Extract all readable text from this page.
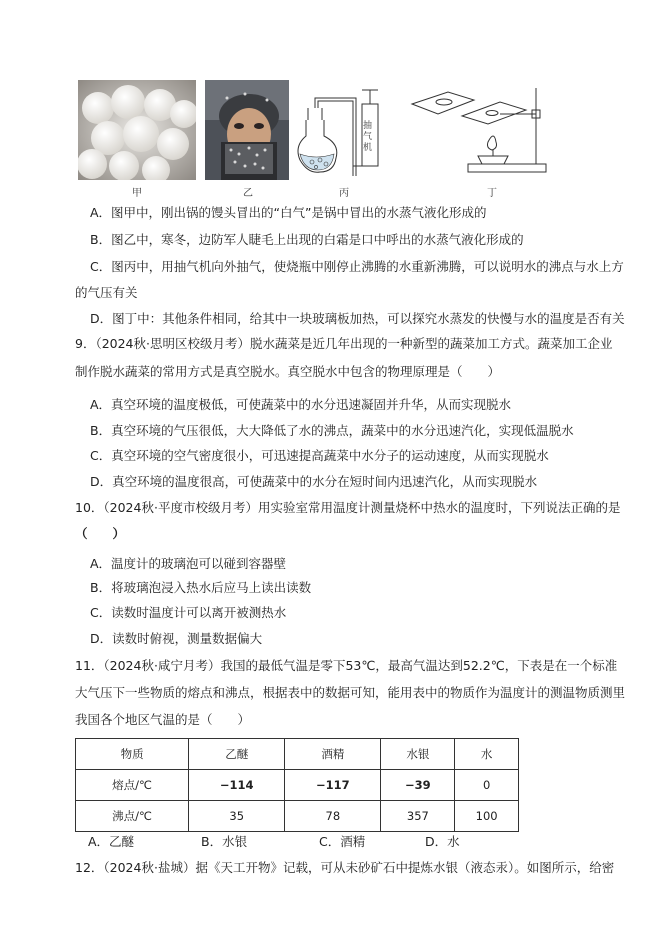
甲	乙
抽气机
丙	丁
A．图甲中，刚出锅的馒头冒出的“白气”是锅中冒出的水蒸气液化形成的
B．图乙中，寒冬，边防军人睫毛上出现的白霜是口中呼出的水蒸气液化形成的
C．图丙中，用抽气机向外抽气，使烧瓶中刚停止沸腾的水重新沸腾，可以说明水的沸点与水上方
的气压有关
D．图丁中：其他条件相同，给其中一块玻璃板加热，可以探究水蒸发的快慢与水的温度是否有关
9．（2024秋·思明区校级月考）脱水蔬菜是近几年出现的一种新型的蔬菜加工方式。蔬菜加工企业
制作脱水蔬菜的常用方式是真空脱水。真空脱水中包含的物理原理是（　　）
A．真空环境的温度极低，可使蔬菜中的水分迅速凝固并升华，从而实现脱水
B．真空环境的气压很低，大大降低了水的沸点，蔬菜中的水分迅速汽化，实现低温脱水
C．真空环境的空气密度很小，可迅速提高蔬菜中水分子的运动速度，从而实现脱水
D．真空环境的温度很高，可使蔬菜中的水分在短时间内迅速汽化，从而实现脱水
10．（2024秋·平度市校级月考）用实验室常用温度计测量烧杯中热水的温度时，下列说法正确的是
（　　）
A．温度计的玻璃泡可以碰到容器壁
B．将玻璃泡浸入热水后应马上读出读数
C．读数时温度计可以离开被测热水
D．读数时俯视，测量数据偏大
11．（2024秋·咸宁月考）我国的最低气温是零下53℃，最高气温达到52.2℃，下表是在一个标准
大气压下一些物质的熔点和沸点，根据表中的数据可知，能用表中的物质作为温度计的测温物质测里
我国各个地区气温的是（　　）
物质	乙醚	酒精	水银	水
熔点/℃	−114	−117	−39	0
沸点/℃	35	78	357	100
A．乙醚	B．水银	C．酒精	D．水
12．（2024秋·盐城）据《天工开物》记载，可从未砂矿石中提炼水银（液态汞）。如图所示，给密
